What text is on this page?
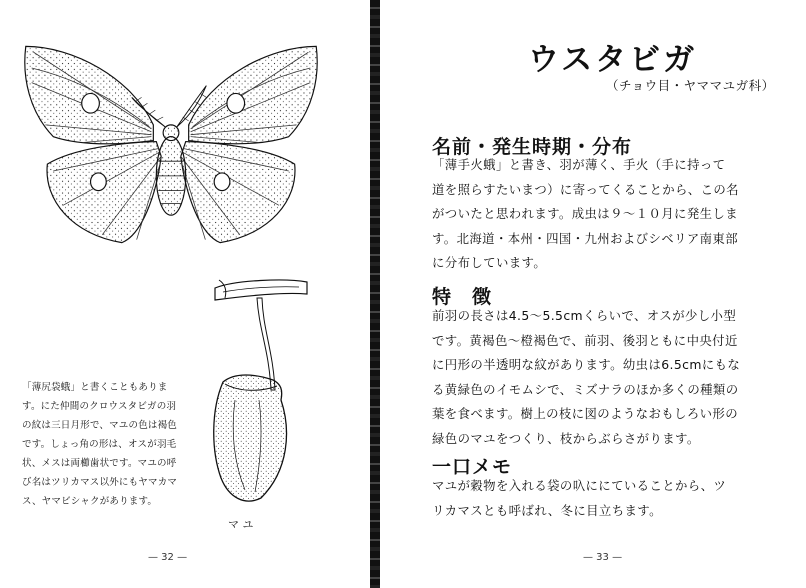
「薄尻袋蛾」と書くこともありま
す。にた仲間のクロウスタビガの羽
の紋は三日月形で、マユの色は褐色
です。しょっ角の形は、オスが羽毛
状、メスは両櫛歯状です。マユの呼
び名はツリカマス以外にもヤマカマ
ス、ヤマビシャクがあります。

マ ユ
— 32 —
ウスタビガ
（チョウ目・ヤママユガ科）
名前・発生時期・分布

「薄手火蛾」と書き、羽が薄く、手火（手に持って
道を照らすたいまつ）に寄ってくることから、この名
がついたと思われます。成虫は９～１０月に発生しま
す。北海道・本州・四国・九州およびシベリア南東部
に分布しています。

特　徴

前羽の長さは4.5～5.5cmくらいで、オスが少し小型
です。黄褐色～橙褐色で、前羽、後羽ともに中央付近
に円形の半透明な紋があります。幼虫は6.5cmにもな
る黄緑色のイモムシで、ミズナラのほか多くの種類の
葉を食べます。樹上の枝に図のようなおもしろい形の
緑色のマユをつくり、枝からぶらさがります。

一口メモ

マユが穀物を入れる袋の叺ににていることから、ツ
リカマスとも呼ばれ、冬に目立ちます。

— 33 —
